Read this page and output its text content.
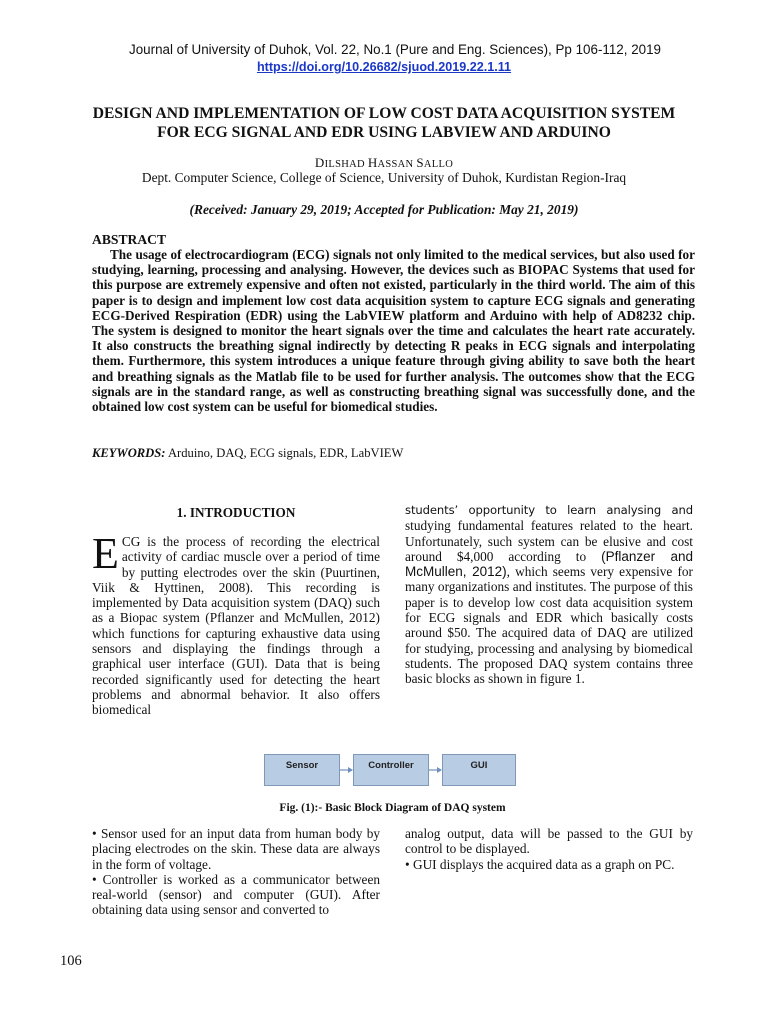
Journal of University of Duhok, Vol. 22, No.1 (Pure and Eng. Sciences), Pp 106-112, 2019
https://doi.org/10.26682/sjuod.2019.22.1.11
DESIGN AND IMPLEMENTATION OF LOW COST DATA ACQUISITION SYSTEM FOR ECG SIGNAL AND EDR USING LABVIEW AND ARDUINO
DILSHAD HASSAN SALLO
Dept. Computer Science, College of Science, University of Duhok, Kurdistan Region-Iraq
(Received: January 29, 2019; Accepted for Publication: May 21, 2019)
ABSTRACT
The usage of electrocardiogram (ECG) signals not only limited to the medical services, but also used for studying, learning, processing and analysing. However, the devices such as BIOPAC Systems that used for this purpose are extremely expensive and often not existed, particularly in the third world. The aim of this paper is to design and implement low cost data acquisition system to capture ECG signals and generating ECG-Derived Respiration (EDR) using the LabVIEW platform and Arduino with help of AD8232 chip. The system is designed to monitor the heart signals over the time and calculates the heart rate accurately. It also constructs the breathing signal indirectly by detecting R peaks in ECG signals and interpolating them. Furthermore, this system introduces a unique feature through giving ability to save both the heart and breathing signals as the Matlab file to be used for further analysis. The outcomes show that the ECG signals are in the standard range, as well as constructing breathing signal was successfully done, and the obtained low cost system can be useful for biomedical studies.
KEYWORDS: Arduino, DAQ, ECG signals, EDR, LabVIEW
1. INTRODUCTION
ECG is the process of recording the electrical activity of cardiac muscle over a period of time by putting electrodes over the skin (Puurtinen, Viik & Hyttinen, 2008). This recording is implemented by Data acquisition system (DAQ) such as a Biopac system (Pflanzer and McMullen, 2012) which functions for capturing exhaustive data using sensors and displaying the findings through a graphical user interface (GUI). Data that is being recorded significantly used for detecting the heart problems and abnormal behavior. It also offers biomedical
students’ opportunity to learn analysing and
studying fundamental features related to the heart. Unfortunately, such system can be elusive and cost around $4,000 according to (Pflanzer and McMullen, 2012), which seems very expensive for many organizations and institutes. The purpose of this paper is to develop low cost data acquisition system for ECG signals and EDR which basically costs around $50. The acquired data of DAQ are utilized for studying, processing and analysing by biomedical students. The proposed DAQ system contains three basic blocks as shown in figure 1.
Sensor	Controller	GUI
Fig. (1):- Basic Block Diagram of DAQ system

• Sensor used for an input data from human body by placing electrodes on the skin. These data are always in the form of voltage.

• Controller is worked as a communicator between real-world (sensor) and computer (GUI). After obtaining data using sensor and converted to

analog output, data will be passed to the GUI by control to be displayed.

• GUI displays the acquired data as a graph on PC.

106
